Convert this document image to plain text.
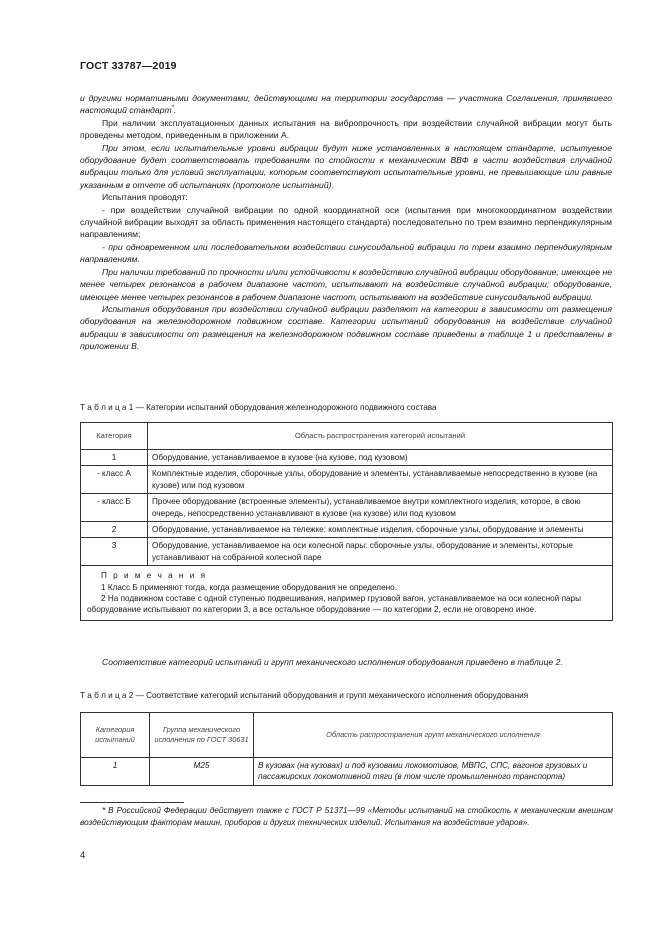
ГОСТ 33787—2019

и другими нормативными документами, действующими на территории государства — участника Соглашения, принявшего настоящий стандарт*.

При наличии эксплуатационных данных испытания на вибропрочность при воздействии случайной вибрации могут быть проведены методом, приведенным в приложении А.

При этом, если испытательные уровни вибрации будут ниже установленных в настоящем стандарте, испытуемое оборудование будет соответствовать требованиям по стойкости к механическим ВВФ в части воздействия случайной вибрации только для условий эксплуатации, которым соответствуют испытательные уровни, не превышающие или равные указанным в отчете об испытаниях (протоколе испытаний).

Испытания проводят:

- при воздействии случайной вибрации по одной координатной оси (испытания при многокоординатном воздействии случайной вибрации выходят за область применения настоящего стандарта) последовательно по трем взаимно перпендикулярным направлениям;

- при одновременном или последовательном воздействии синусоидальной вибрации по трем взаимно перпендикулярным направлениям.

При наличии требований по прочности и/или устойчивости к воздействию случайной вибрации оборудование, имеющее не менее четырех резонансов в рабочем диапазоне частот, испытывают на воздействие случайной вибрации; оборудование, имеющее менее четырех резонансов в рабочем диапазоне частот, испытывают на воздействие синусоидальной вибрации.

Испытания оборудования при воздействии случайной вибрации разделяют на категории в зависимости от размещения оборудования на железнодорожном подвижном составе. Категории испытаний оборудования на воздействие случайной вибрации в зависимости от размещения на железнодорожном подвижном составе приведены в таблице 1 и представлены в приложении В.

Т а б л и ц а 1 — Категории испытаний оборудования железнодорожного подвижного состава
Категория	Область распространения категорий испытаний
1	Оборудование, устанавливаемое в кузове (на кузове, под кузовом)
- класс А	Комплектные изделия, сборочные узлы, оборудование и элементы, устанавливаемые непосредственно в кузове (на кузове) или под кузовом
- класс Б	Прочее оборудование (встроенные элементы), устанавливаемое внутри комплектного изделия, которое, в свою очередь, непосредственно устанавливают в кузове (на кузове) или под кузовом
2	Оборудование, устанавливаемое на тележке: комплектные изделия, сборочные узлы, оборудование и элементы
3	Оборудование, устанавливаемое на оси колесной пары: сборочные узлы, оборудование и элементы, которые устанавливают на собранной колесной паре

П р и м е ч а н и я
1 Класс Б применяют тогда, когда размещение оборудования не определено.
2 На подвижном составе с одной ступенью подвешивания, например грузовой вагон, устанавливаемое на оси колесной пары оборудование испытывают по категории 3, а все остальное оборудование — по категории 2, если не оговорено иное.	

Соответствие категорий испытаний и групп механического исполнения оборудования приведено в таблице 2.

Т а б л и ц а 2 — Соответствие категорий испытаний оборудования и групп механического исполнения оборудования
Категория испытаний	Группа механического исполнения по ГОСТ 30631	Область распространения групп механического исполнения
1	М25	В кузовах (на кузовах) и под кузовами локомотивов, МВПС, СПС, вагонов грузовых и пассажирских локомотивной тяги (в том числе промышленного транспорта)
* В Российской Федерации действует также с ГОСТ Р 51371—99 «Методы испытаний на стойкость к механическим внешним воздействующим факторам машин, приборов и других технических изделий. Испытания на воздействие ударов».
4
